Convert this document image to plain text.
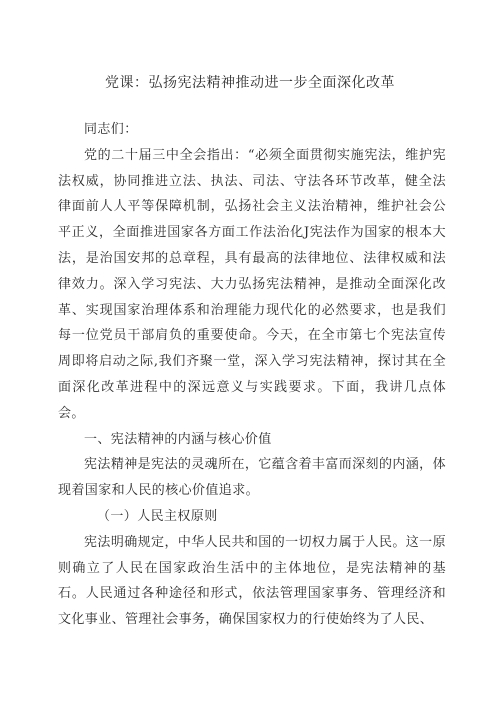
党课：弘扬宪法精神推动进一步全面深化改革

同志们：

党的二十届三中全会指出：“必须全面贯彻实施宪法，维护宪法权威，协同推进立法、执法、司法、守法各环节改革，健全法律面前人人平等保障机制，弘扬社会主义法治精神，维护社会公平正义，全面推进国家各方面工作法治化J宪法作为国家的根本大法，是治国安邦的总章程，具有最高的法律地位、法律权威和法律效力。深入学习宪法、大力弘扬宪法精神，是推动全面深化改革、实现国家治理体系和治理能力现代化的必然要求，也是我们每一位党员干部肩负的重要使命。今天，在全市第七个宪法宣传周即将启动之际,我们齐聚一堂，深入学习宪法精神，探讨其在全面深化改革进程中的深远意义与实践要求。下面，我讲几点体会。

一、宪法精神的内涵与核心价值

宪法精神是宪法的灵魂所在，它蕴含着丰富而深刻的内涵，体现着国家和人民的核心价值追求。

（一）人民主权原则

宪法明确规定，中华人民共和国的一切权力属于人民。这一原则确立了人民在国家政治生活中的主体地位，是宪法精神的基石。人民通过各种途径和形式，依法管理国家事务、管理经济和文化事业、管理社会事务，确保国家权力的行使始终为了人民、
